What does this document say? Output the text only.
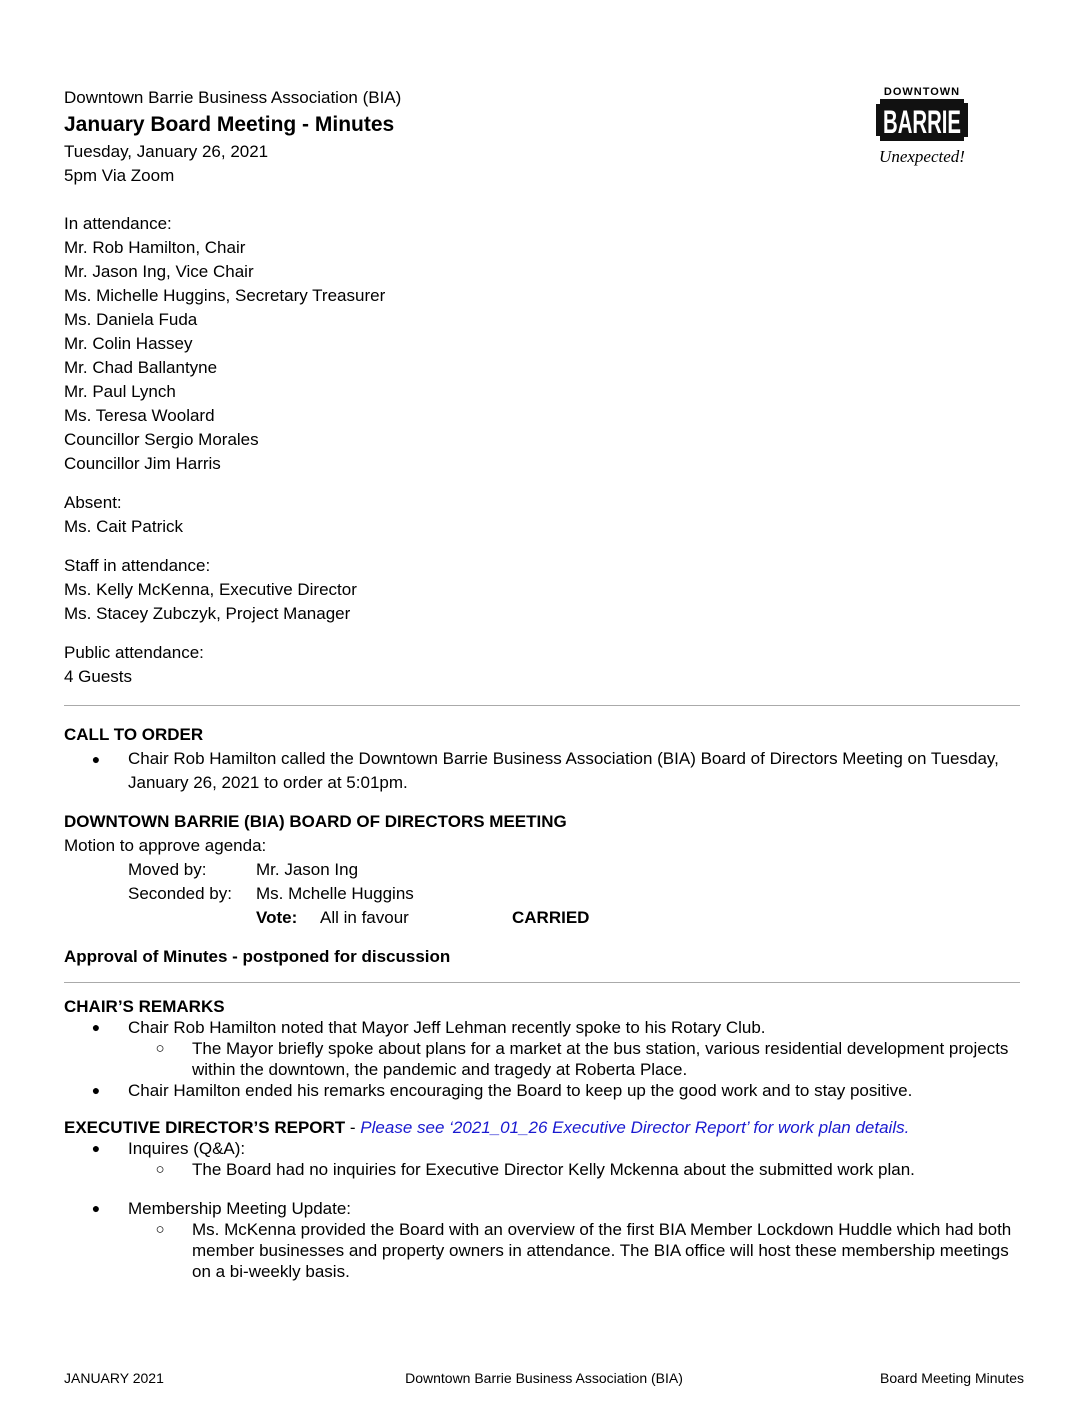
DOWNTOWN
BARRIE
Unexpected!
Downtown Barrie Business Association (BIA)
January Board Meeting - Minutes
Tuesday, January 26, 2021
5pm Via Zoom
In attendance:
Mr. Rob Hamilton, Chair
Mr. Jason Ing, Vice Chair
Ms. Michelle Huggins, Secretary Treasurer
Ms. Daniela Fuda
Mr. Colin Hassey
Mr. Chad Ballantyne
Mr. Paul Lynch
Ms. Teresa Woolard
Councillor Sergio Morales
Councillor Jim Harris
Absent:
Ms. Cait Patrick
Staff in attendance:
Ms. Kelly McKenna, Executive Director
Ms. Stacey Zubczyk, Project Manager
Public attendance:
4 Guests
CALL TO ORDER
●	Chair Rob Hamilton called the Downtown Barrie Business Association (BIA) Board of Directors Meeting on Tuesday, January 26, 2021 to order at 5:01pm.
DOWNTOWN BARRIE (BIA) BOARD OF DIRECTORS MEETING
Motion to approve agenda:
Moved by:	Mr. Jason Ing
Seconded by:	Ms. Mchelle Huggins
Vote:	All in favour	CARRIED
Approval of Minutes - postponed for discussion
CHAIR’S REMARKS
●	Chair Rob Hamilton noted that Mayor Jeff Lehman recently spoke to his Rotary Club.
○	The Mayor briefly spoke about plans for a market at the bus station, various residential development projects within the downtown, the pandemic and tragedy at Roberta Place.
●	Chair Hamilton ended his remarks encouraging the Board to keep up the good work and to stay positive.
EXECUTIVE DIRECTOR’S REPORT - Please see ‘2021_01_26 Executive Director Report’ for work plan details.
●	Inquires (Q&A):
○	The Board had no inquiries for Executive Director Kelly Mckenna about the submitted work plan.
●	Membership Meeting Update:
○	Ms. McKenna provided the Board with an overview of the first BIA Member Lockdown Huddle which had both member businesses and property owners in attendance. The BIA office will host these membership meetings on a bi-weekly basis.
JANUARY 2021	Downtown Barrie Business Association (BIA)	Board Meeting Minutes
